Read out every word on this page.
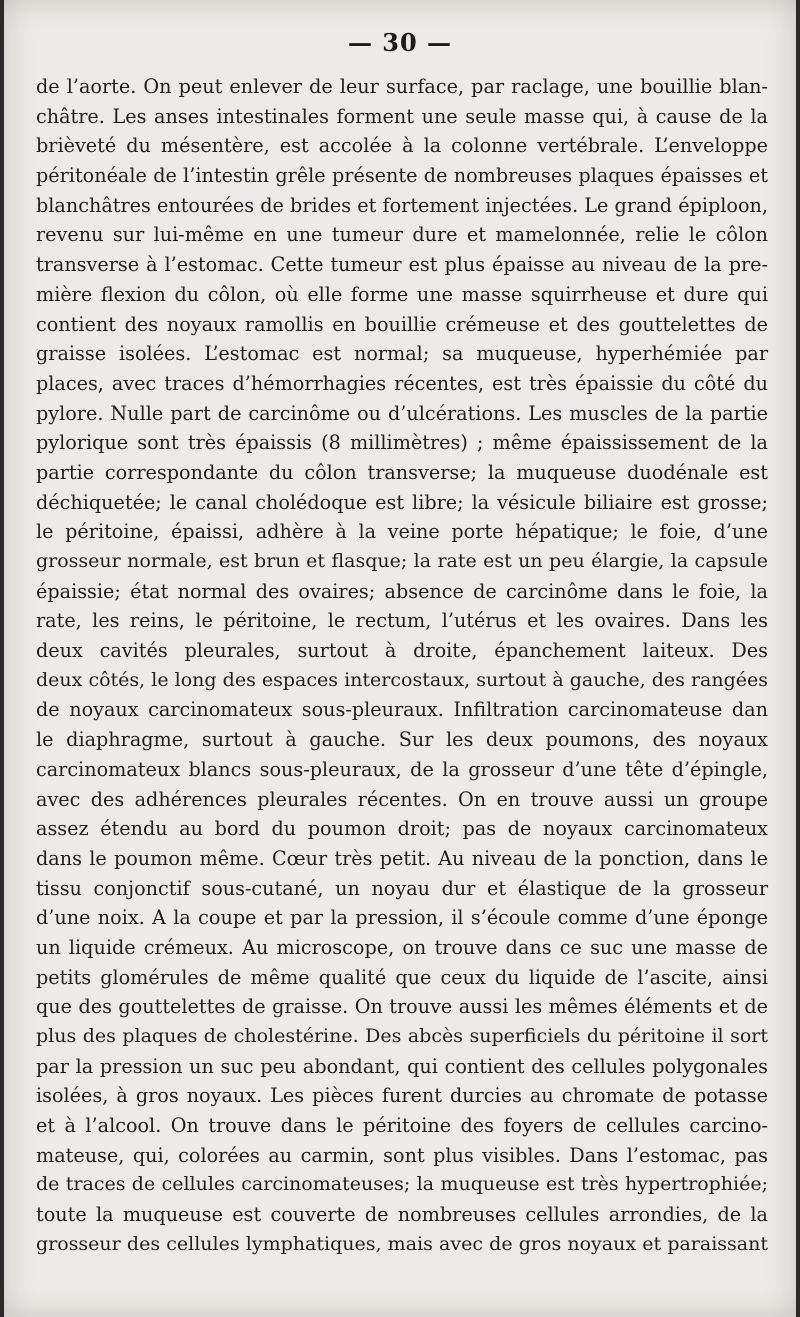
— 30 —
de l’aorte. On peut enlever de leur surface, par raclage, une bouillie blan-
châtre. Les anses intestinales forment une seule masse qui, à cause de la
brièveté du mésentère, est accolée à la colonne vertébrale. L’enveloppe
péritonéale de l’intestin grêle présente de nombreuses plaques épaisses et
blanchâtres entourées de brides et fortement injectées. Le grand épiploon,
revenu sur lui-même en une tumeur dure et mamelonnée, relie le côlon
transverse à l’estomac. Cette tumeur est plus épaisse au niveau de la pre-
mière flexion du côlon, où elle forme une masse squirrheuse et dure qui
contient des noyaux ramollis en bouillie crémeuse et des gouttelettes de
graisse isolées. L’estomac est normal; sa muqueuse, hyperhémiée par
places, avec traces d’hémorrhagies récentes, est très épaissie du côté du
pylore. Nulle part de carcinôme ou d’ulcérations. Les muscles de la partie
pylorique sont très épaissis (8 millimètres) ; même épaississement de la
partie correspondante du côlon transverse; la muqueuse duodénale est
déchiquetée; le canal cholédoque est libre; la vésicule biliaire est grosse;
le péritoine, épaissi, adhère à la veine porte hépatique; le foie, d’une
grosseur normale, est brun et flasque; la rate est un peu élargie, la capsule
épaissie; état normal des ovaires; absence de carcinôme dans le foie, la
rate, les reins, le péritoine, le rectum, l’utérus et les ovaires. Dans les
deux cavités pleurales, surtout à droite, épanchement laiteux. Des
deux côtés, le long des espaces intercostaux, surtout à gauche, des rangées
de noyaux carcinomateux sous-pleuraux. Infiltration carcinomateuse dan
le diaphragme, surtout à gauche. Sur les deux poumons, des noyaux
carcinomateux blancs sous-pleuraux, de la grosseur d’une tête d’épingle,
avec des adhérences pleurales récentes. On en trouve aussi un groupe
assez étendu au bord du poumon droit; pas de noyaux carcinomateux
dans le poumon même. Cœur très petit. Au niveau de la ponction, dans le
tissu conjonctif sous-cutané, un noyau dur et élastique de la grosseur
d’une noix. A la coupe et par la pression, il s’écoule comme d’une éponge
un liquide crémeux. Au microscope, on trouve dans ce suc une masse de
petits glomérules de même qualité que ceux du liquide de l’ascite, ainsi
que des gouttelettes de graisse. On trouve aussi les mêmes éléments et de
plus des plaques de cholestérine. Des abcès superficiels du péritoine il sort
par la pression un suc peu abondant, qui contient des cellules polygonales
isolées, à gros noyaux. Les pièces furent durcies au chromate de potasse
et à l’alcool. On trouve dans le péritoine des foyers de cellules carcino-
mateuse, qui, colorées au carmin, sont plus visibles. Dans l’estomac, pas
de traces de cellules carcinomateuses; la muqueuse est très hypertrophiée;
toute la muqueuse est couverte de nombreuses cellules arrondies, de la
grosseur des cellules lymphatiques, mais avec de gros noyaux et paraissant
